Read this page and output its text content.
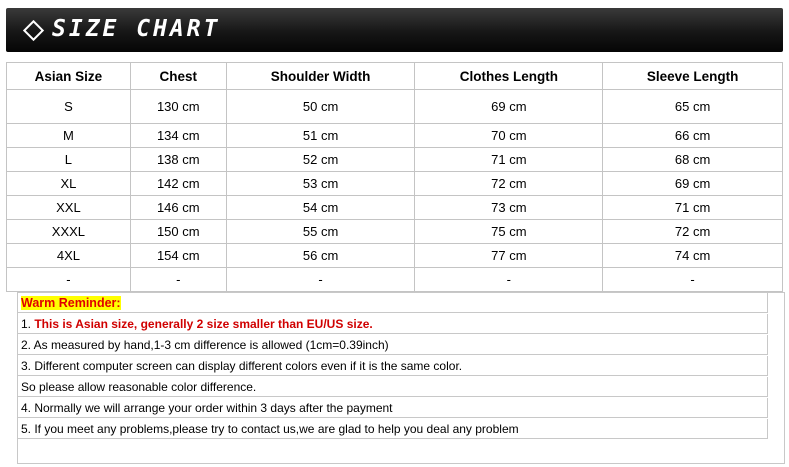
SIZE CHART
Asian Size	Chest	Shoulder Width	Clothes Length	Sleeve Length
S	130 cm	50 cm	69 cm	65 cm
M	134 cm	51 cm	70 cm	66 cm
L	138 cm	52 cm	71 cm	68 cm
XL	142 cm	53 cm	72 cm	69 cm
XXL	146 cm	54 cm	73 cm	71 cm
XXXL	150 cm	55 cm	75 cm	72 cm
4XL	154 cm	56 cm	77 cm	74 cm
-	-	-	-	-
Warm Reminder:
1. This is Asian size, generally 2 size smaller than EU/US size.
2. As measured by hand,1-3 cm difference is allowed (1cm=0.39inch)
3. Different computer screen can display different colors even if it is the same color.
So please allow reasonable color difference.
4. Normally we will arrange your order within 3 days after the payment
5. If you meet any problems,please try to contact us,we are glad to help you deal any problem
